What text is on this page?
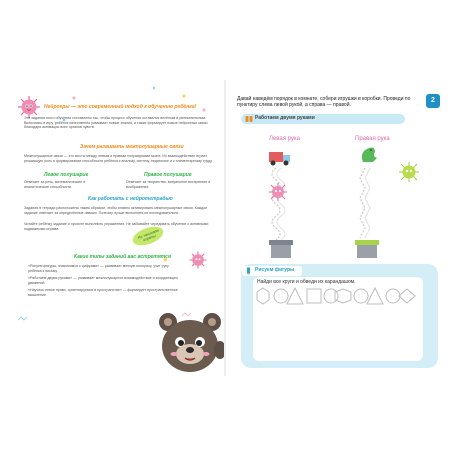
Нейрогры — это современный подход к обучению ребёнка!
Эти задания этого обучения составлены так, чтобы процесс обучения оставался весёлым и увлекательным. Включаясь в игру, ребёнок качественно усваивает новые знания, а также формирует новые нейронные связи благодаря активации всех органов чувств.
Зачем развивать межполушарные связи
Межполушарные связи — это мосты между левым и правым полушариями мозга. Их взаимодействие играет решающую роль в формировании способности ребёнка к анализу, синтезу, педагогике и к элементарному труду.
Левое полушарие
Отвечает за речь, математические и аналитические способности.
Правое полушарие
Отвечает за творчество, визуальное восприятие и воображение.
Как работать с нейротетрадью
Задания в тетради расположены таким образом, чтобы плавно активировать межполушарные связи. Каждое задание отвечает за определённые навыки. Поэтому лучше выполнять их последовательно.
Читайте ребёнку задание и просите выполнить упражнение. Не забывайте чередовать обучение с активными подвижными играми.
Какие типы заданий вас встретятся
«Рисуем фигуры, знакомимся с цифрами» — развивает мелкую моторику, учит руку ребёнка к письму.
«Работаем двумя руками» — развивает межполушарное взаимодействие и координацию движений.
«Научись левое право, ориентируемся в пространстве» — формирует пространственное мышление.
Ну, начинаем играть!
2
Давай наведём порядок в комнате, собери игрушки в коробки. Проведи по пунктиру слева левой рукой, а справа — правой.
Работаем двумя руками
Левая рука	Правая рука
Рисуем фигуры
Найди все круги и обведи их карандашом.
